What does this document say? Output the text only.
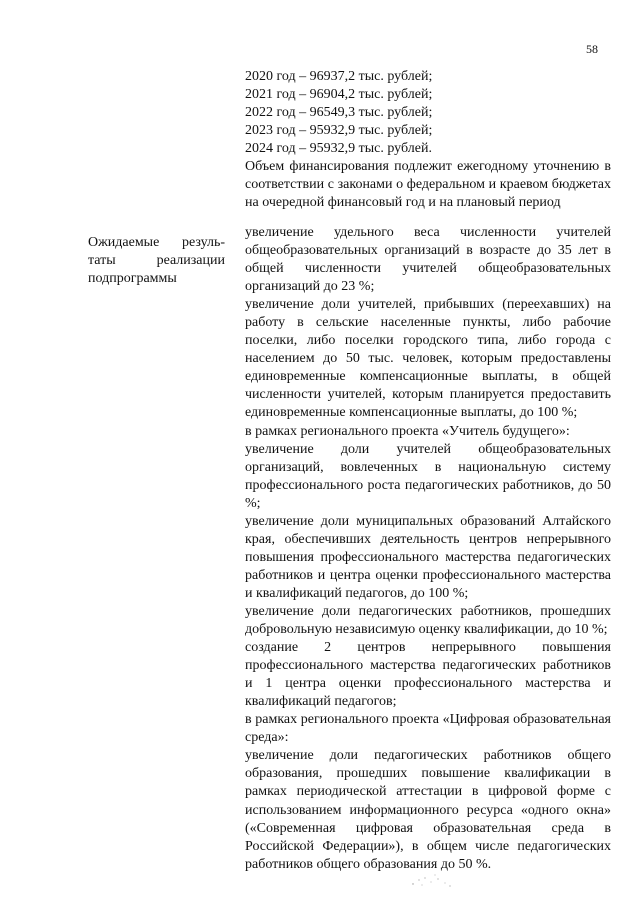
58
2020 год – 96937,2 тыс. рублей;
2021 год – 96904,2 тыс. рублей;
2022 год – 96549,3 тыс. рублей;
2023 год – 95932,9 тыс. рублей;
2024 год – 95932,9 тыс. рублей.
Объем финансирования подлежит ежегодному уточнению в соответствии с законами о федеральном и краевом бюджетах на очередной финансовый год и на плановый период
Ожидаемые резуль-
таты реализации
подпрограммы

увеличение удельного веса численности учителей общеобразовательных организаций в возрасте до 35 лет в общей численности учителей общеобразовательных организаций до 23 %;

увеличение доли учителей, прибывших (переехавших) на работу в сельские населенные пункты, либо рабочие поселки, либо поселки городского типа, либо города с населением до 50 тыс. человек, которым предоставлены единовременные компенсационные выплаты, в общей численности учителей, которым планируется предоставить единовременные компенсационные выплаты, до 100 %;

в рамках регионального проекта «Учитель будущего»:

увеличение доли учителей общеобразовательных организаций, вовлеченных в национальную систему профессионального роста педагогических работников, до 50 %;

увеличение доли муниципальных образований Алтайского края, обеспечивших деятельность центров непрерывного повышения профессионального мастерства педагогических работников и центра оценки профессионального мастерства и квалификаций педагогов, до 100 %;

увеличение доли педагогических работников, прошедших добровольную независимую оценку квалификации, до 10 %;

создание 2 центров непрерывного повышения профессионального мастерства педагогических работников и 1 центра оценки профессионального мастерства и квалификаций педагогов;

в рамках регионального проекта «Цифровая образовательная среда»:

увеличение доли педагогических работников общего образования, прошедших повышение квалификации в рамках периодической аттестации в цифровой форме с использованием информационного ресурса «одного окна» («Современная цифровая образовательная среда в Российской Федерации»), в общем числе педагогических работников общего образования до 50 %.
